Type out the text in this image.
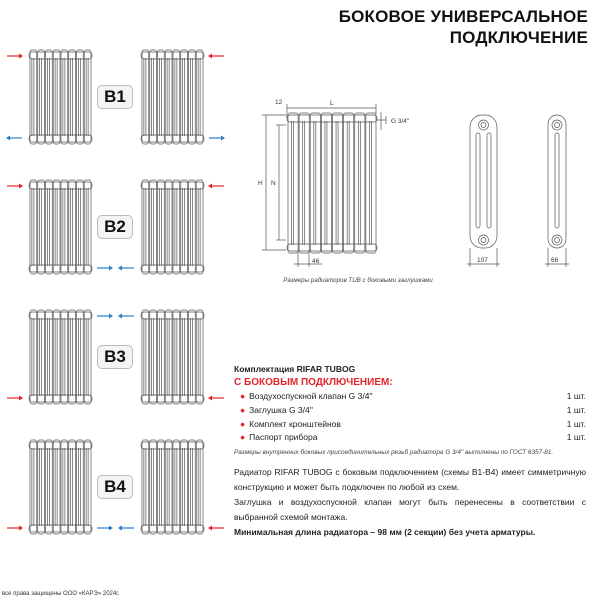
БОКОВОЕ УНИВЕРСАЛЬНОЕ
ПОДКЛЮЧЕНИЕ
B1
B2
B3
B4
12	L
G 3/4''
H N
46	107	66
Размеры радиаторов TUB с боковыми заглушками
Комплектация RIFAR TUBOG
С БОКОВЫМ ПОДКЛЮЧЕНИЕМ:
● Воздухоспускной клапан G 3/4''	1 шт.
● Заглушка G 3/4''	1 шт.
● Комплект кронштейнов	1 шт.
● Паспорт прибора	1 шт.
Размеры внутренних боковых присоединительных резьб радиатора G 3/4'' выполнены по ГОСТ 6357-81.
Радиатор RIFAR TUBOG с боковым подключением (схемы В1-В4) имеет симметричную конструкцию и может быть подключен по любой из схем.
Заглушка и воздухоспускной клапан могут быть перенесены в соответствии с выбранной схемой монтажа.
Минимальная длина радиатора – 98 мм (2 секции) без учета арматуры.
все права защищены ООО «КАРЭ» 2024г.
